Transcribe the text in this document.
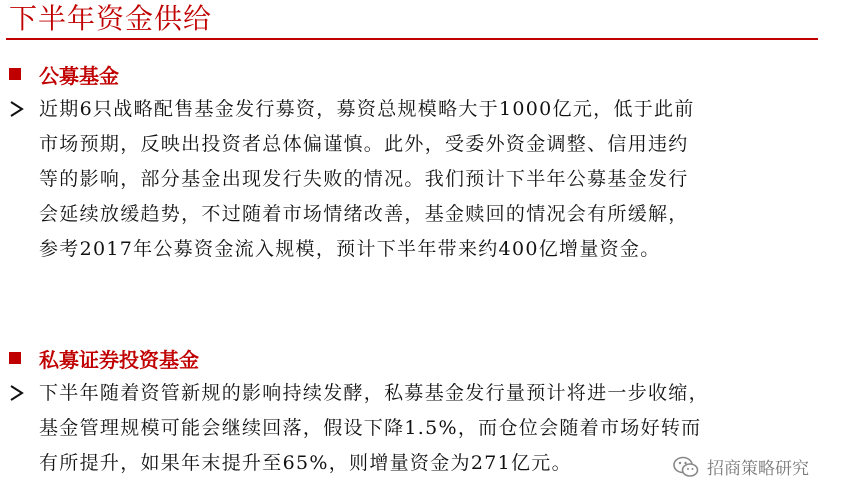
下半年资金供给
公募基金
近期6只战略配售基金发行募资，募资总规模略大于1000亿元，低于此前
市场预期，反映出投资者总体偏谨慎。此外，受委外资金调整、信用违约
等的影响，部分基金出现发行失败的情况。我们预计下半年公募基金发行
会延续放缓趋势，不过随着市场情绪改善，基金赎回的情况会有所缓解，
参考2017年公募资金流入规模，预计下半年带来约400亿增量资金。
私募证券投资基金
下半年随着资管新规的影响持续发酵，私募基金发行量预计将进一步收缩，
基金管理规模可能会继续回落，假设下降1.5%，而仓位会随着市场好转而
有所提升，如果年末提升至65%，则增量资金为271亿元。	招商策略研究
